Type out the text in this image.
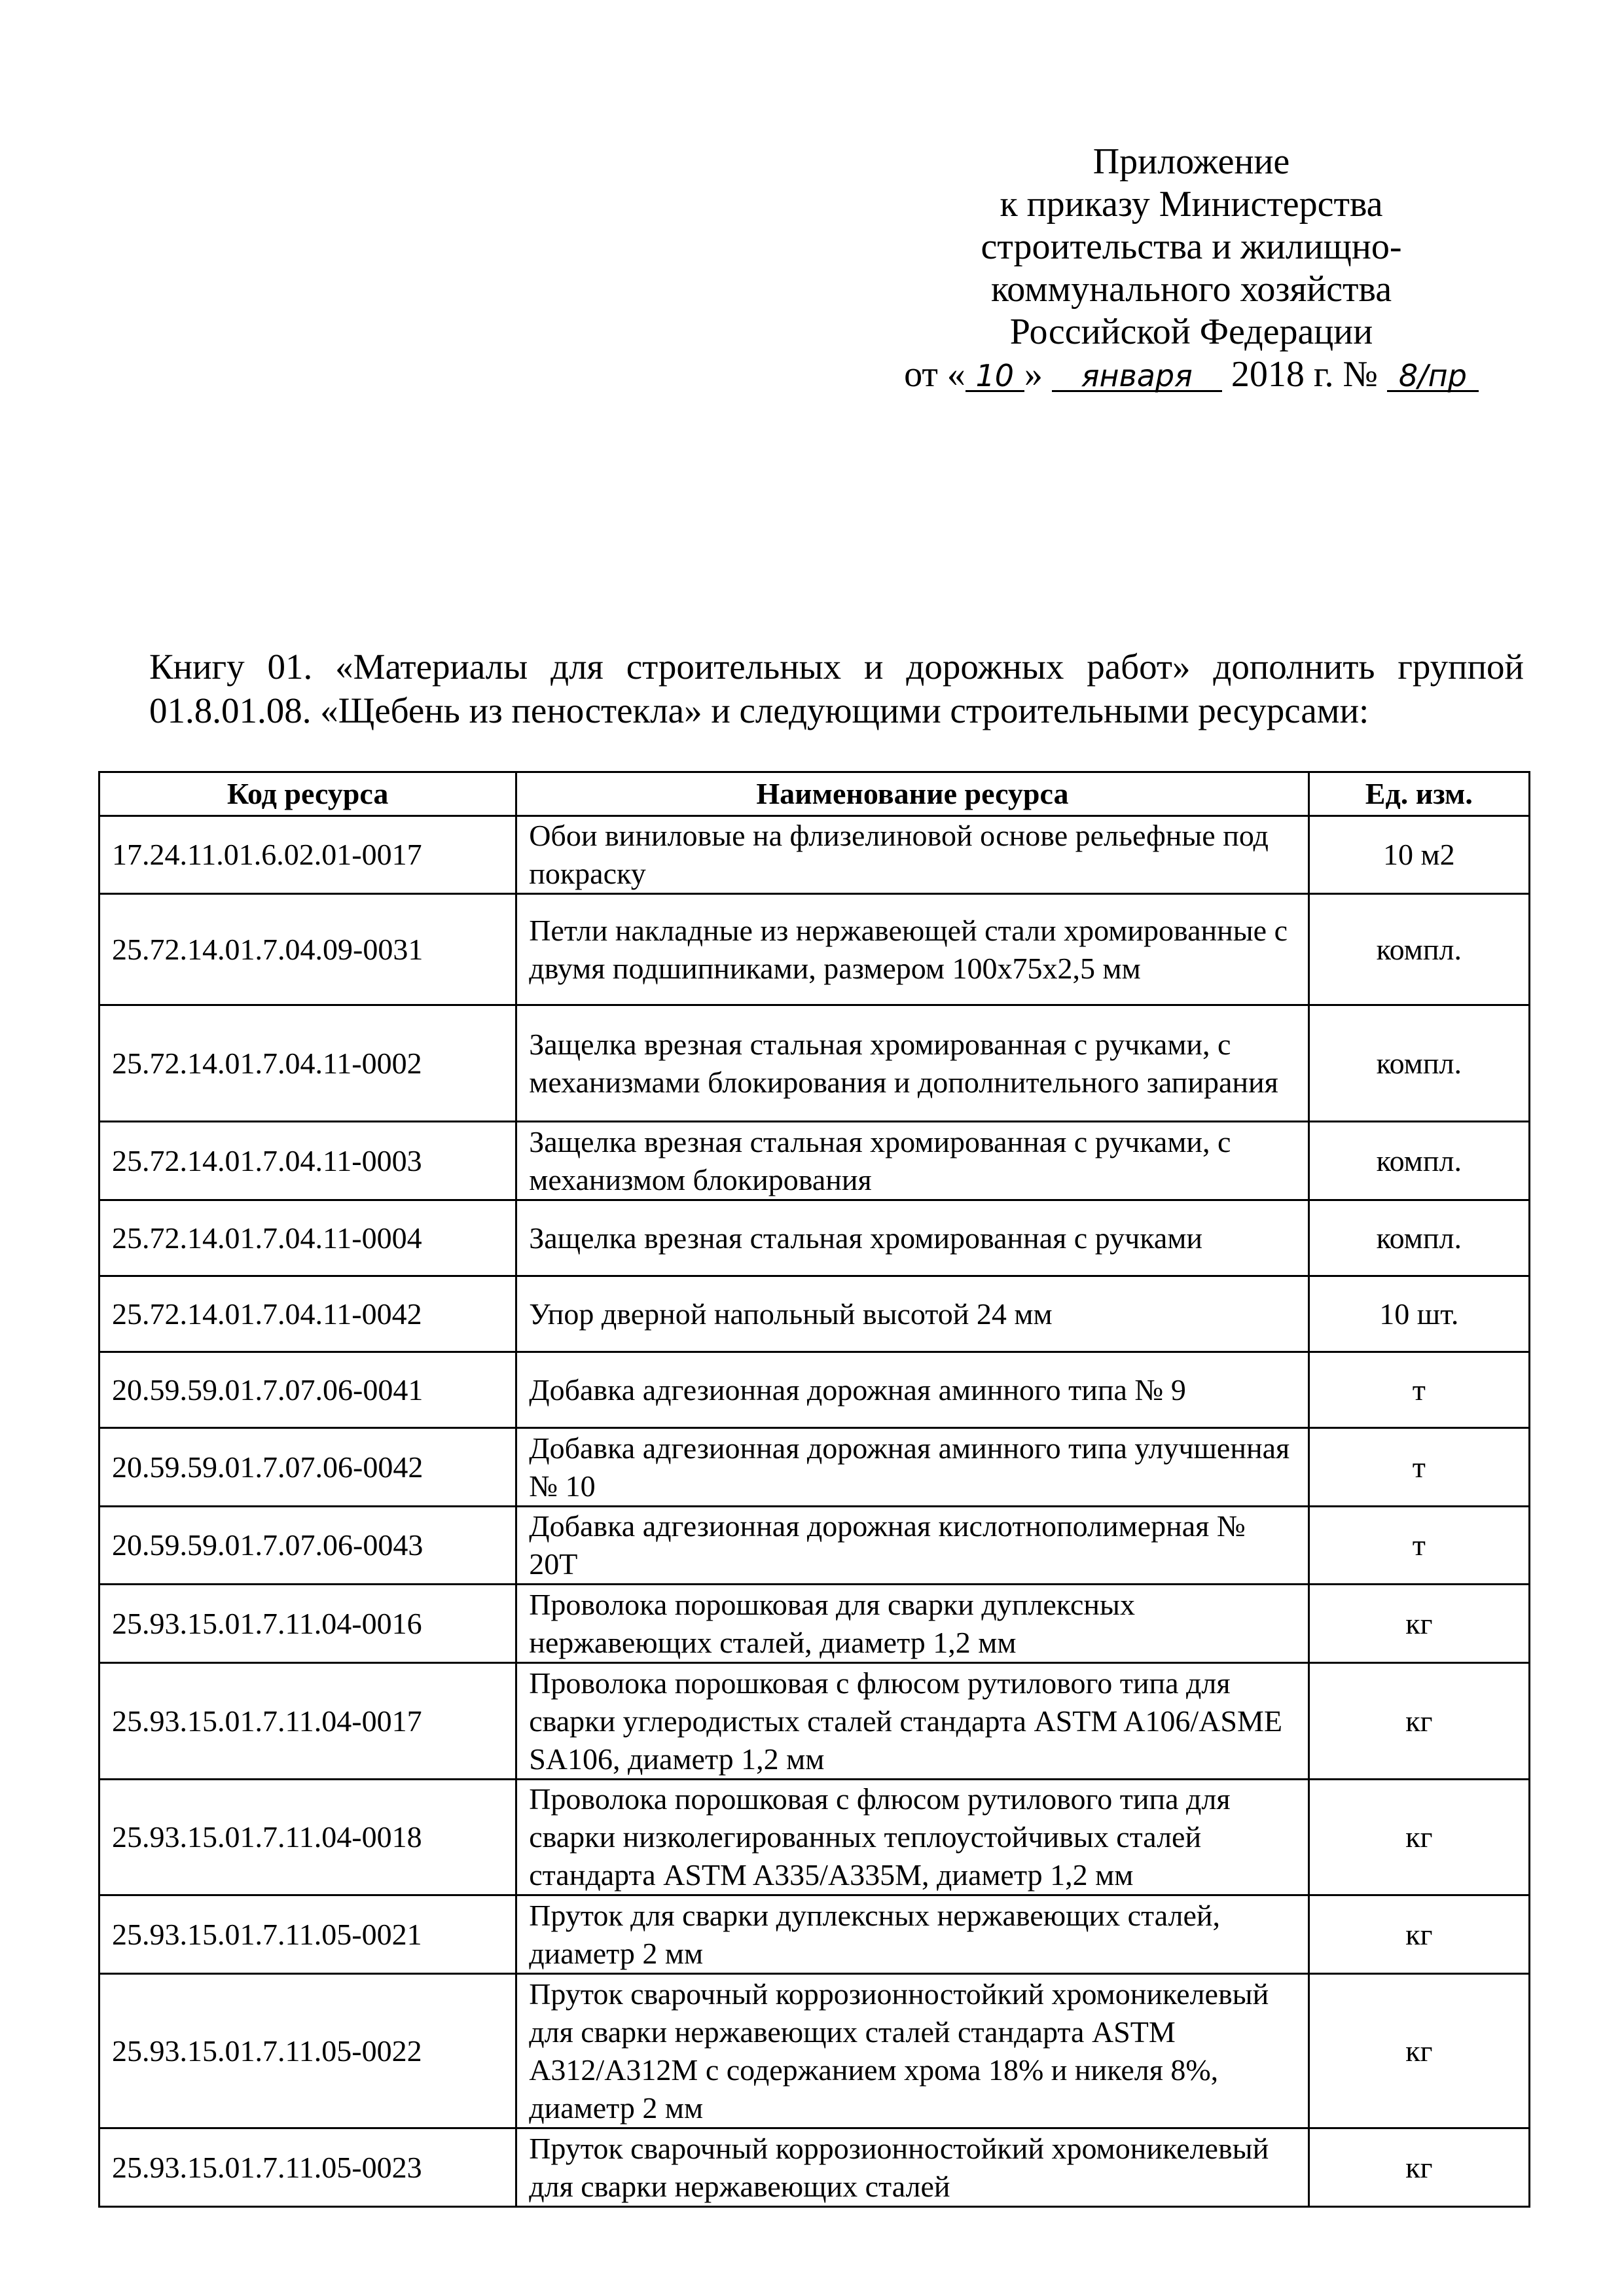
Приложение
к приказу Министерства
строительства и жилищно-
коммунального хозяйства
Российской Федерации
от « 10 » января 2018 г. № 8/пр
Книгу 01. «Материалы для строительных и дорожных работ» дополнить группой 01.8.01.08. «Щебень из пеностекла» и следующими строительными ресурсами:
Код ресурса	Наименование ресурса	Ед. изм.
17.24.11.01.6.02.01-0017	Обои виниловые на флизелиновой основе рельефные под покраску	10 м2
25.72.14.01.7.04.09-0031	Петли накладные из нержавеющей стали хромированные с двумя подшипниками, размером 100x75x2,5 мм	компл.
25.72.14.01.7.04.11-0002	Защелка врезная стальная хромированная с ручками, с механизмами блокирования и дополнительного запирания	компл.
25.72.14.01.7.04.11-0003	Защелка врезная стальная хромированная с ручками, с механизмом блокирования	компл.
25.72.14.01.7.04.11-0004	Защелка врезная стальная хромированная с ручками	компл.
25.72.14.01.7.04.11-0042	Упор дверной напольный высотой 24 мм	10 шт.
20.59.59.01.7.07.06-0041	Добавка адгезионная дорожная аминного типа № 9	т
20.59.59.01.7.07.06-0042	Добавка адгезионная дорожная аминного типа улучшенная № 10	т
20.59.59.01.7.07.06-0043	Добавка адгезионная дорожная кислотнополимерная № 20Т	т
25.93.15.01.7.11.04-0016	Проволока порошковая для сварки дуплексных нержавеющих сталей, диаметр 1,2 мм	кг
25.93.15.01.7.11.04-0017	Проволока порошковая с флюсом рутилового типа для сварки углеродистых сталей стандарта ASTM A106/ASME SA106, диаметр 1,2 мм	кг
25.93.15.01.7.11.04-0018	Проволока порошковая с флюсом рутилового типа для сварки низколегированных теплоустойчивых сталей стандарта ASTM A335/A335M, диаметр 1,2 мм	кг
25.93.15.01.7.11.05-0021	Пруток для сварки дуплексных нержавеющих сталей, диаметр 2 мм	кг
25.93.15.01.7.11.05-0022	Пруток сварочный коррозионностойкий хромоникелевый для сварки нержавеющих сталей стандарта ASTM A312/A312M с содержанием хрома 18% и никеля 8%, диаметр 2 мм	кг
25.93.15.01.7.11.05-0023	Пруток сварочный коррозионностойкий хромоникелевый для сварки нержавеющих сталей	кг
